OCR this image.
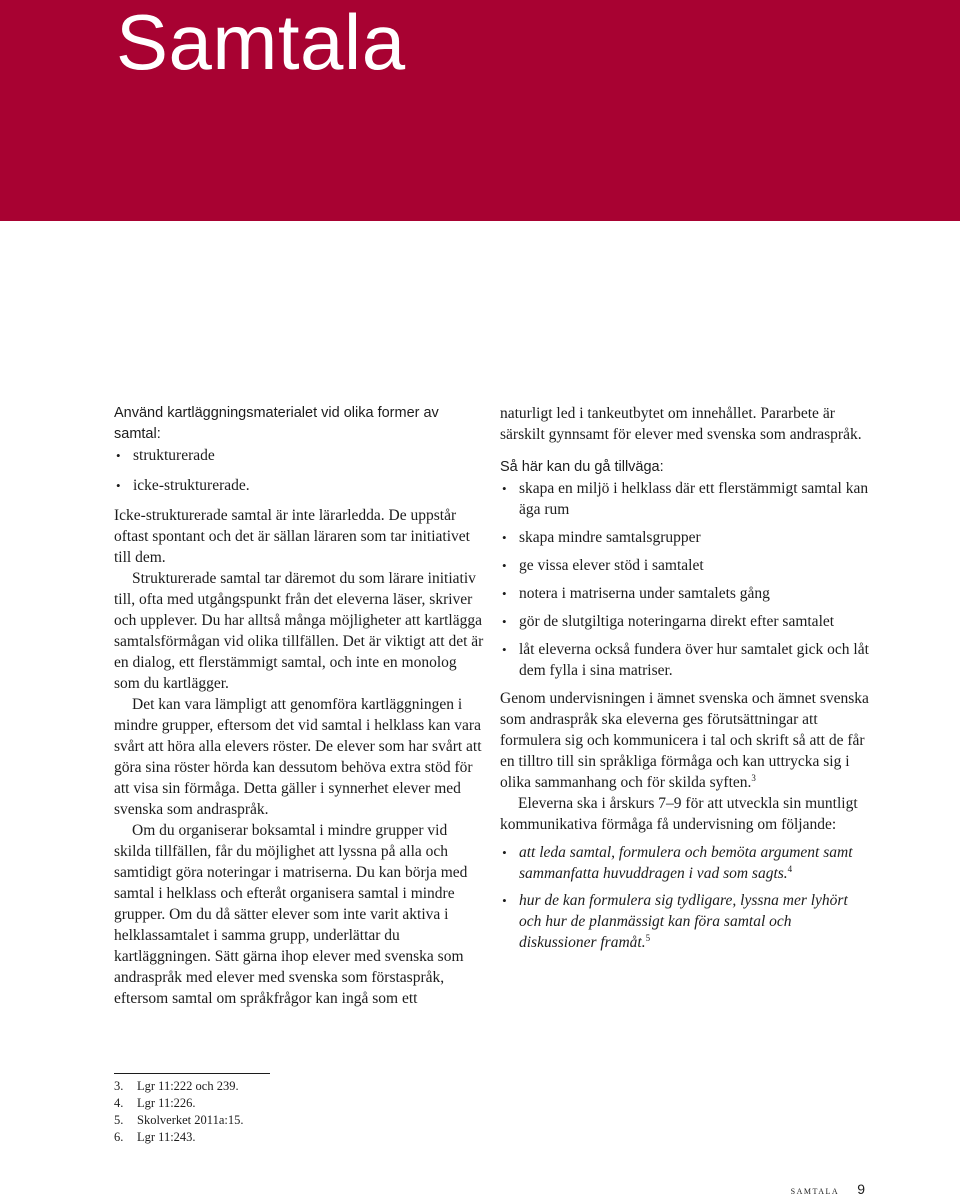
Samtala

Använd kartläggningsmaterialet vid olika former av samtal:

• strukturerade
• icke-strukturerade.

Icke-strukturerade samtal är inte lärarledda. De uppstår oftast spontant och det är sällan läraren som tar initiativet till dem.

Strukturerade samtal tar däremot du som lärare initiativ till, ofta med utgångspunkt från det eleverna läser, skriver och upplever. Du har alltså många möjligheter att kartlägga samtalsförmågan vid olika tillfällen. Det är viktigt att det är en dialog, ett flerstämmigt samtal, och inte en monolog som du kartlägger.

Det kan vara lämpligt att genomföra kartläggningen i mindre grupper, eftersom det vid samtal i helklass kan vara svårt att höra alla elevers röster. De elever som har svårt att göra sina röster hörda kan dessutom behöva extra stöd för att visa sin förmåga. Detta gäller i synnerhet elever med svenska som andraspråk.

Om du organiserar boksamtal i mindre grupper vid skilda tillfällen, får du möjlighet att lyssna på alla och samtidigt göra noteringar i matriserna. Du kan börja med samtal i helklass och efteråt organisera samtal i mindre grupper. Om du då sätter elever som inte varit aktiva i helklassamtalet i samma grupp, underlättar du kartläggningen. Sätt gärna ihop elever med svenska som andraspråk med elever med svenska som förstaspråk, eftersom samtal om språkfrågor kan ingå som ett

naturligt led i tankeutbytet om innehållet. Pararbete är särskilt gynnsamt för elever med svenska som andraspråk.

Så här kan du gå tillväga:

• skapa en miljö i helklass där ett flerstämmigt samtal kan äga rum
• skapa mindre samtalsgrupper
• ge vissa elever stöd i samtalet
• notera i matriserna under samtalets gång
• gör de slutgiltiga noteringarna direkt efter samtalet
• låt eleverna också fundera över hur samtalet gick och låt dem fylla i sina matriser.

Genom undervisningen i ämnet svenska och ämnet svenska som andraspråk ska eleverna ges förutsättningar att formulera sig och kommunicera i tal och skrift så att de får en tilltro till sin språkliga förmåga och kan uttrycka sig i olika sammanhang och för skilda syften.$^3$

Eleverna ska i årskurs 7–9 för att utveckla sin muntligt kommunikativa förmåga få undervisning om följande:

• att leda samtal, formulera och bemöta argument samt sammanfatta huvuddragen i vad som sagts.$^4$
• hur de kan formulera sig tydligare, lyssna mer lyhört och hur de planmässigt kan föra samtal och diskussioner framåt.$^5$
3. Lgr 11:222 och 239.
4. Lgr 11:226.
5. Skolverket 2011a:15.
6. Lgr 11:243.
samtala 9
